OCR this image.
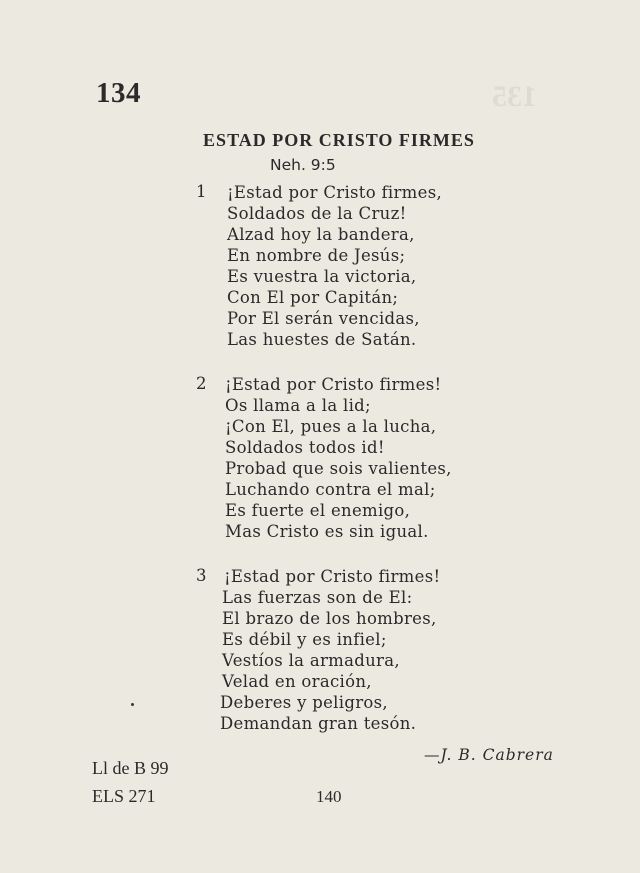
135
134
ESTAD POR CRISTO FIRMES
Neh. 9:5
1 ¡Estad por Cristo firmes,
Soldados de la Cruz!
Alzad hoy la bandera,
En nombre de Jesús;
Es vuestra la victoria,
Con El por Capitán;
Por El serán vencidas,
Las huestes de Satán.
2 ¡Estad por Cristo firmes!
Os llama a la lid;
¡Con El, pues a la lucha,
Soldados todos id!
Probad que sois valientes,
Luchando contra el mal;
Es fuerte el enemigo,
Mas Cristo es sin igual.
3 ¡Estad por Cristo firmes!
Las fuerzas son de El:
El brazo de los hombres,
Es débil y es infiel;
Vestíos la armadura,
Velad en oración,
Deberes y peligros,
Demandan gran tesón.
—J. B. Cabrera
Ll de B 99
ELS 271	140
